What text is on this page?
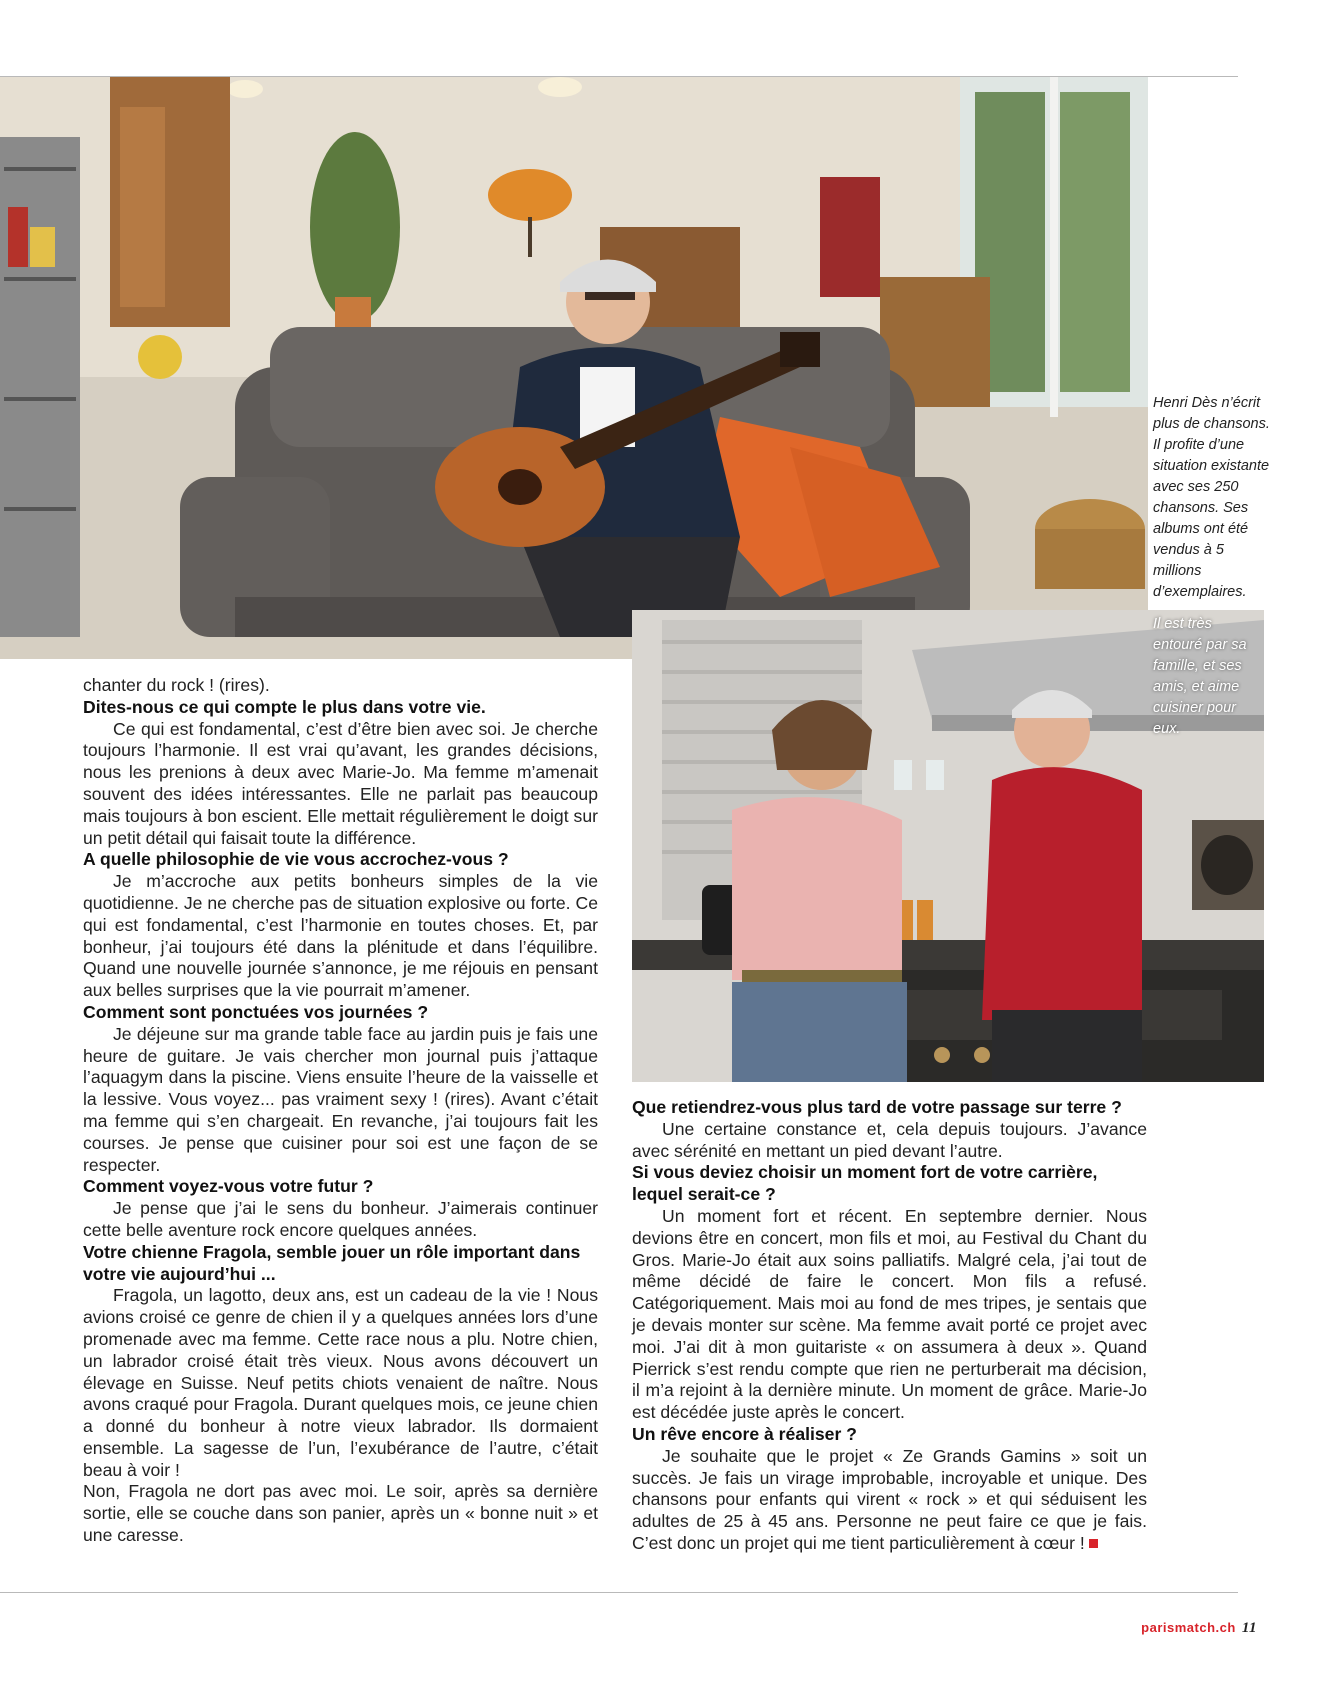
Henri Dès n’écrit plus de chansons. Il profite d’une situation existante avec ses 250 chansons. Ses albums ont été vendus à 5 millions d’exemplaires.
Il est très entouré par sa famille, et ses amis, et aime cuisiner pour eux.

chanter du rock ! (rires).

Dites-nous ce qui compte le plus dans votre vie.

Ce qui est fondamental, c’est d’être bien avec soi. Je cherche toujours l’harmonie. Il est vrai qu’avant, les grandes décisions, nous les prenions à deux avec Marie-Jo. Ma femme m’amenait souvent des idées intéressantes. Elle ne parlait pas beaucoup mais toujours à bon escient. Elle mettait régulièrement le doigt sur un petit détail qui faisait toute la différence.

A quelle philosophie de vie vous accrochez-vous ?

Je m’accroche aux petits bonheurs simples de la vie quotidienne. Je ne cherche pas de situation explosive ou forte. Ce qui est fondamental, c’est l’harmonie en toutes choses. Et, par bonheur, j’ai toujours été dans la plénitude et dans l’équilibre. Quand une nouvelle journée s’annonce, je me réjouis en pensant aux belles surprises que la vie pourrait m’amener.

Comment sont ponctuées vos journées ?

Je déjeune sur ma grande table face au jardin puis je fais une heure de guitare. Je vais chercher mon journal puis j’attaque l’aquagym dans la piscine. Viens ensuite l’heure de la vaisselle et la lessive. Vous voyez... pas vraiment sexy ! (rires). Avant c’était ma femme qui s’en chargeait. En revanche, j’ai toujours fait les courses. Je pense que cuisiner pour soi est une façon de se respecter.

Comment voyez-vous votre futur ?

Je pense que j’ai le sens du bonheur. J’aimerais continuer cette belle aventure rock encore quelques années.

Votre chienne Fragola, semble jouer un rôle important dans votre vie aujourd’hui ...

Fragola, un lagotto, deux ans, est un cadeau de la vie ! Nous avions croisé ce genre de chien il y a quelques années lors d’une promenade avec ma femme. Cette race nous a plu. Notre chien, un labrador croisé était très vieux. Nous avons découvert un élevage en Suisse. Neuf petits chiots venaient de naître. Nous avons craqué pour Fragola. Durant quelques mois, ce jeune chien a donné du bonheur à notre vieux labrador. Ils dormaient ensemble. La sagesse de l’un, l’exubérance de l’autre, c’était beau à voir !

Non, Fragola ne dort pas avec moi. Le soir, après sa dernière sortie, elle se couche dans son panier, après un « bonne nuit » et une caresse.

Que retiendrez-vous plus tard de votre passage sur terre ?

Une certaine constance et, cela depuis toujours. J’avance avec sérénité en mettant un pied devant l’autre.

Si vous deviez choisir un moment fort de votre carrière, lequel serait-ce ?

Un moment fort et récent. En septembre dernier. Nous devions être en concert, mon fils et moi, au Festival du Chant du Gros. Marie-Jo était aux soins palliatifs. Malgré cela, j’ai tout de même décidé de faire le concert. Mon fils a refusé. Catégoriquement. Mais moi au fond de mes tripes, je sentais que je devais monter sur scène. Ma femme avait porté ce projet avec moi. J’ai dit à mon guitariste « on assumera à deux ». Quand Pierrick s’est rendu compte que rien ne perturberait ma décision, il m’a rejoint à la dernière minute. Un moment de grâce. Marie-Jo est décédée juste après le concert.

Un rêve encore à réaliser ?

Je souhaite que le projet « Ze Grands Gamins » soit un succès. Je fais un virage improbable, incroyable et unique. Des chansons pour enfants qui virent « rock » et qui séduisent les adultes de 25 à 45 ans. Personne ne peut faire ce que je fais. C’est donc un projet qui me tient particulièrement à cœur !

parismatch.ch 11
